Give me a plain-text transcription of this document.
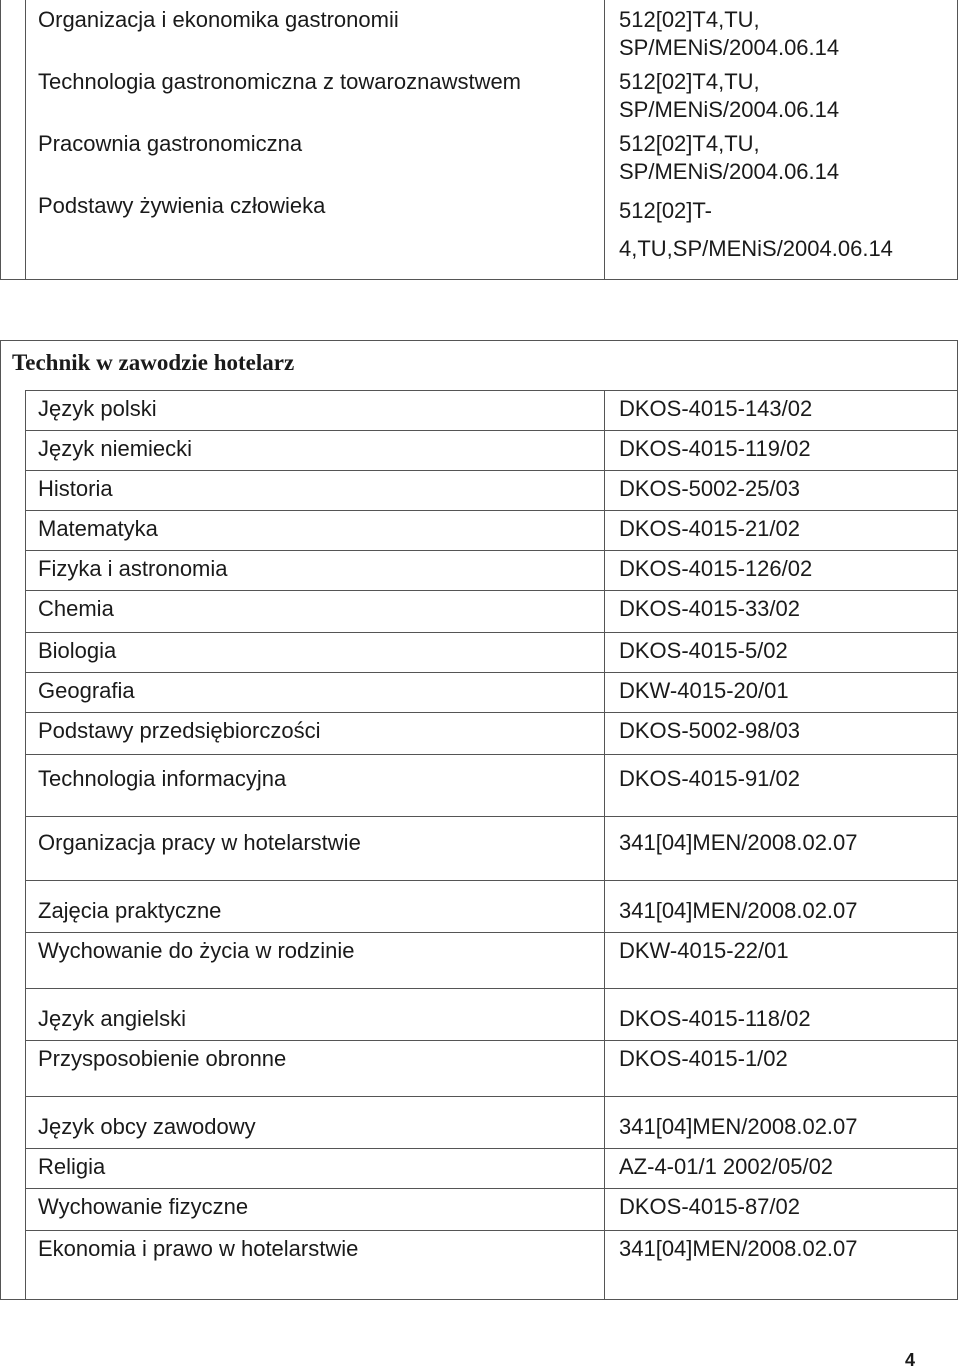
Organizacja i ekonomika gastronomii	512[02]T4,TU,
SP/MENiS/2004.06.14
Technologia gastronomiczna z towaroznawstwem	512[02]T4,TU,
SP/MENiS/2004.06.14
Pracownia gastronomiczna	512[02]T4,TU,
SP/MENiS/2004.06.14
Podstawy żywienia człowieka	512[02]T-
4,TU,SP/MENiS/2004.06.14
Technik w zawodzie hotelarz
Język polski	DKOS-4015-143/02
Język niemiecki	DKOS-4015-119/02
Historia	DKOS-5002-25/03
Matematyka	DKOS-4015-21/02
Fizyka i astronomia	DKOS-4015-126/02
Chemia	DKOS-4015-33/02
Biologia	DKOS-4015-5/02
Geografia	DKW-4015-20/01
Podstawy przedsiębiorczości	DKOS-5002-98/03
Technologia informacyjna	DKOS-4015-91/02
Organizacja pracy w hotelarstwie	341[04]MEN/2008.02.07
Zajęcia praktyczne	341[04]MEN/2008.02.07
Wychowanie do życia w rodzinie	DKW-4015-22/01
Język angielski	DKOS-4015-118/02
Przysposobienie obronne	DKOS-4015-1/02
Język obcy zawodowy	341[04]MEN/2008.02.07
Religia	AZ-4-01/1 2002/05/02
Wychowanie fizyczne	DKOS-4015-87/02
Ekonomia i prawo w hotelarstwie	341[04]MEN/2008.02.07
4
